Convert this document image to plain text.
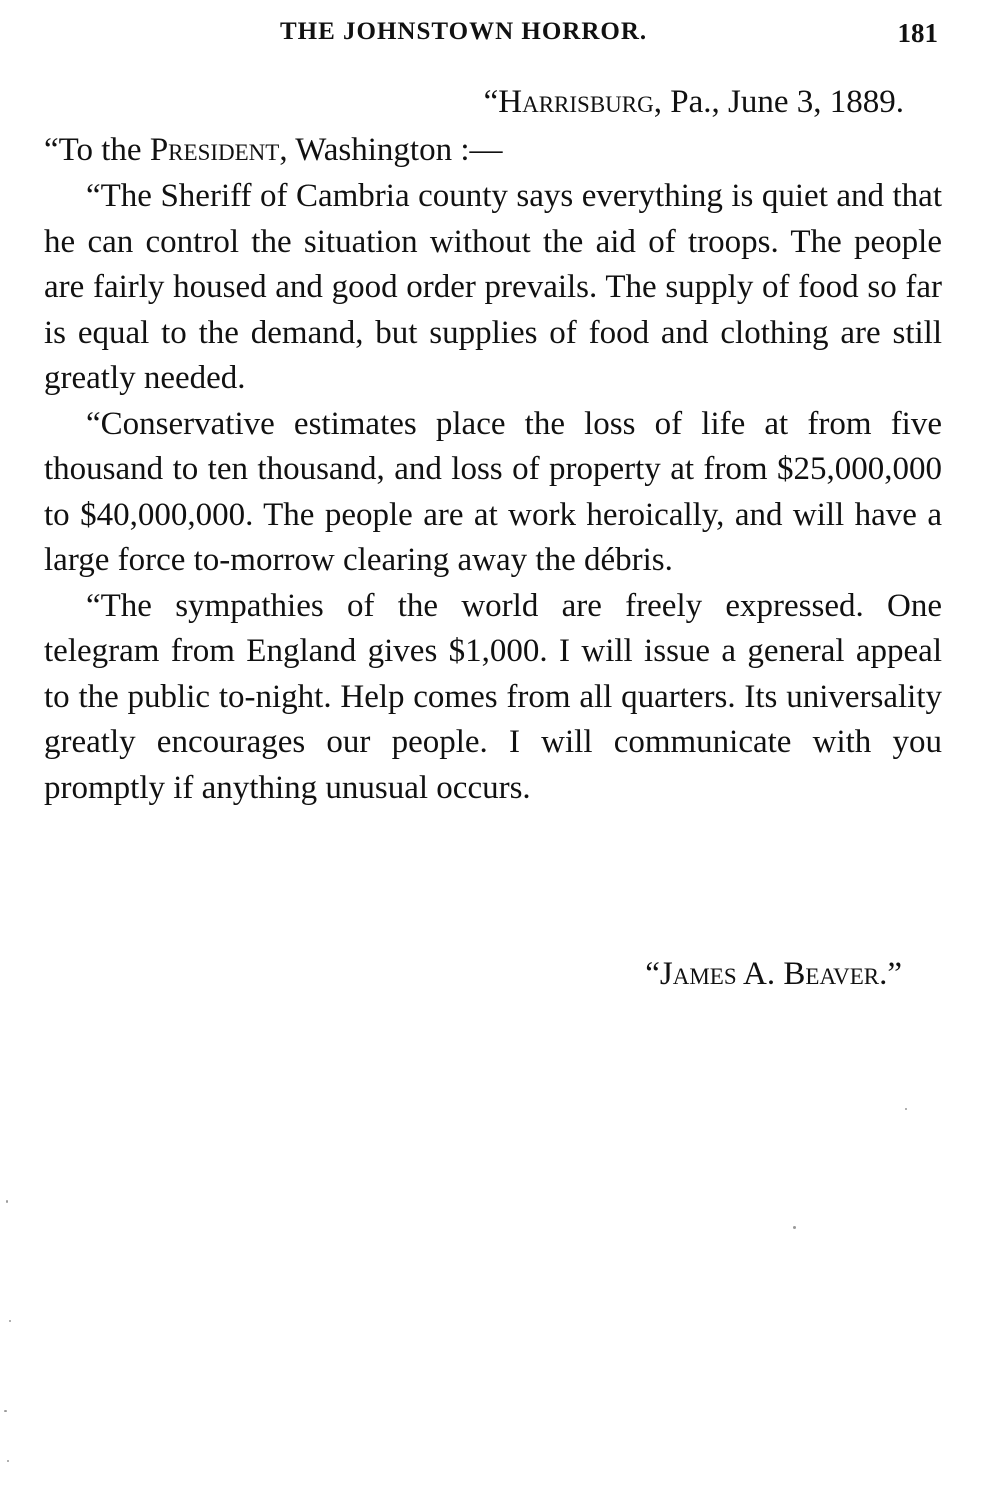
THE JOHNSTOWN HORROR.	181
“Harrisburg, Pa., June 3, 1889.
“To the President, Washington :—

“The Sheriff of Cambria county says everything is quiet and that he can control the situation without the aid of troops. The people are fairly housed and good order prevails. The supply of food so far is equal to the demand, but supplies of food and clothing are still greatly needed.

“Conservative estimates place the loss of life at from five thousand to ten thousand, and loss of property at from $25,000,000 to $40,000,000. The people are at work heroically, and will have a large force to-morrow clearing away the débris.

“The sympathies of the world are freely expressed. One telegram from England gives $1,000. I will issue a general appeal to the public to-night. Help comes from all quarters. Its universality greatly encourages our people. I will communicate with you promptly if anything unusual occurs.

“James A. Beaver.”
